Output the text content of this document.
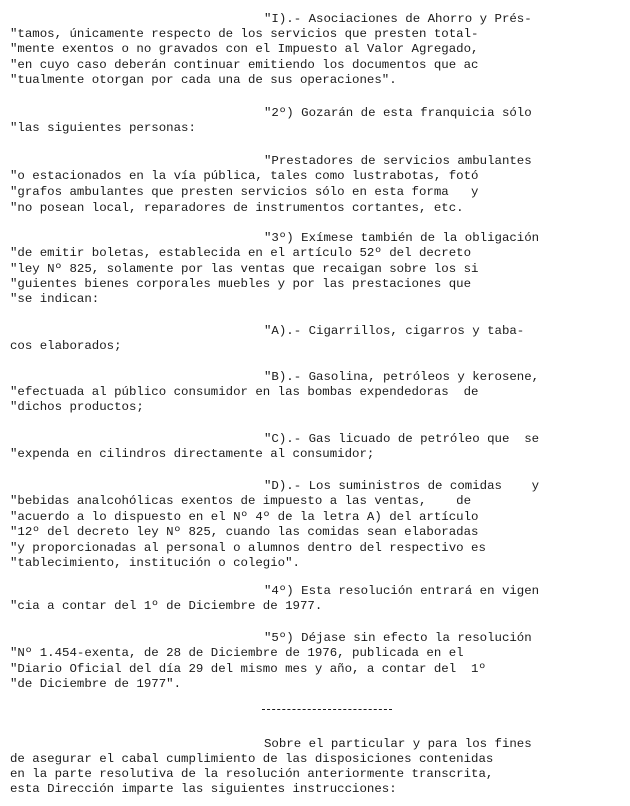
"I).- Asociaciones de Ahorro y Prés-
"tamos, únicamente respecto de los servicios que presten total-
"mente exentos o no gravados con el Impuesto al Valor Agregado,
"en cuyo caso deberán continuar emitiendo los documentos que ac
"tualmente otorgan por cada una de sus operaciones".
"2º) Gozarán de esta franquicia sólo
"las siguientes personas:
"Prestadores de servicios ambulantes
"o estacionados en la vía pública, tales como lustrabotas, fotó
"grafos ambulantes que presten servicios sólo en esta forma   y
"no posean local, reparadores de instrumentos cortantes, etc.
"3º) Exímese también de la obligación
"de emitir boletas, establecida en el artículo 52º del decreto
"ley Nº 825, solamente por las ventas que recaigan sobre los si
"guientes bienes corporales muebles y por las prestaciones que
"se indican:
"A).- Cigarrillos, cigarros y taba-
cos elaborados;
"B).- Gasolina, petróleos y kerosene,
"efectuada al público consumidor en las bombas expendedoras  de
"dichos productos;
"C).- Gas licuado de petróleo que  se
"expenda en cilindros directamente al consumidor;
"D).- Los suministros de comidas    y
"bebidas analcohólicas exentos de impuesto a las ventas,    de
"acuerdo a lo dispuesto en el Nº 4º de la letra A) del artículo
"12º del decreto ley Nº 825, cuando las comidas sean elaboradas
"y proporcionadas al personal o alumnos dentro del respectivo es
"tablecimiento, institución o colegio".
"4º) Esta resolución entrará en vigen
"cia a contar del 1º de Diciembre de 1977.
"5º) Déjase sin efecto la resolución
"Nº 1.454-exenta, de 28 de Diciembre de 1976, publicada en el
"Diario Oficial del día 29 del mismo mes y año, a contar del  1º
"de Diciembre de 1977".
Sobre el particular y para los fines
de asegurar el cabal cumplimiento de las disposiciones contenidas
en la parte resolutiva de la resolución anteriormente transcrita,
esta Dirección imparte las siguientes instrucciones:
